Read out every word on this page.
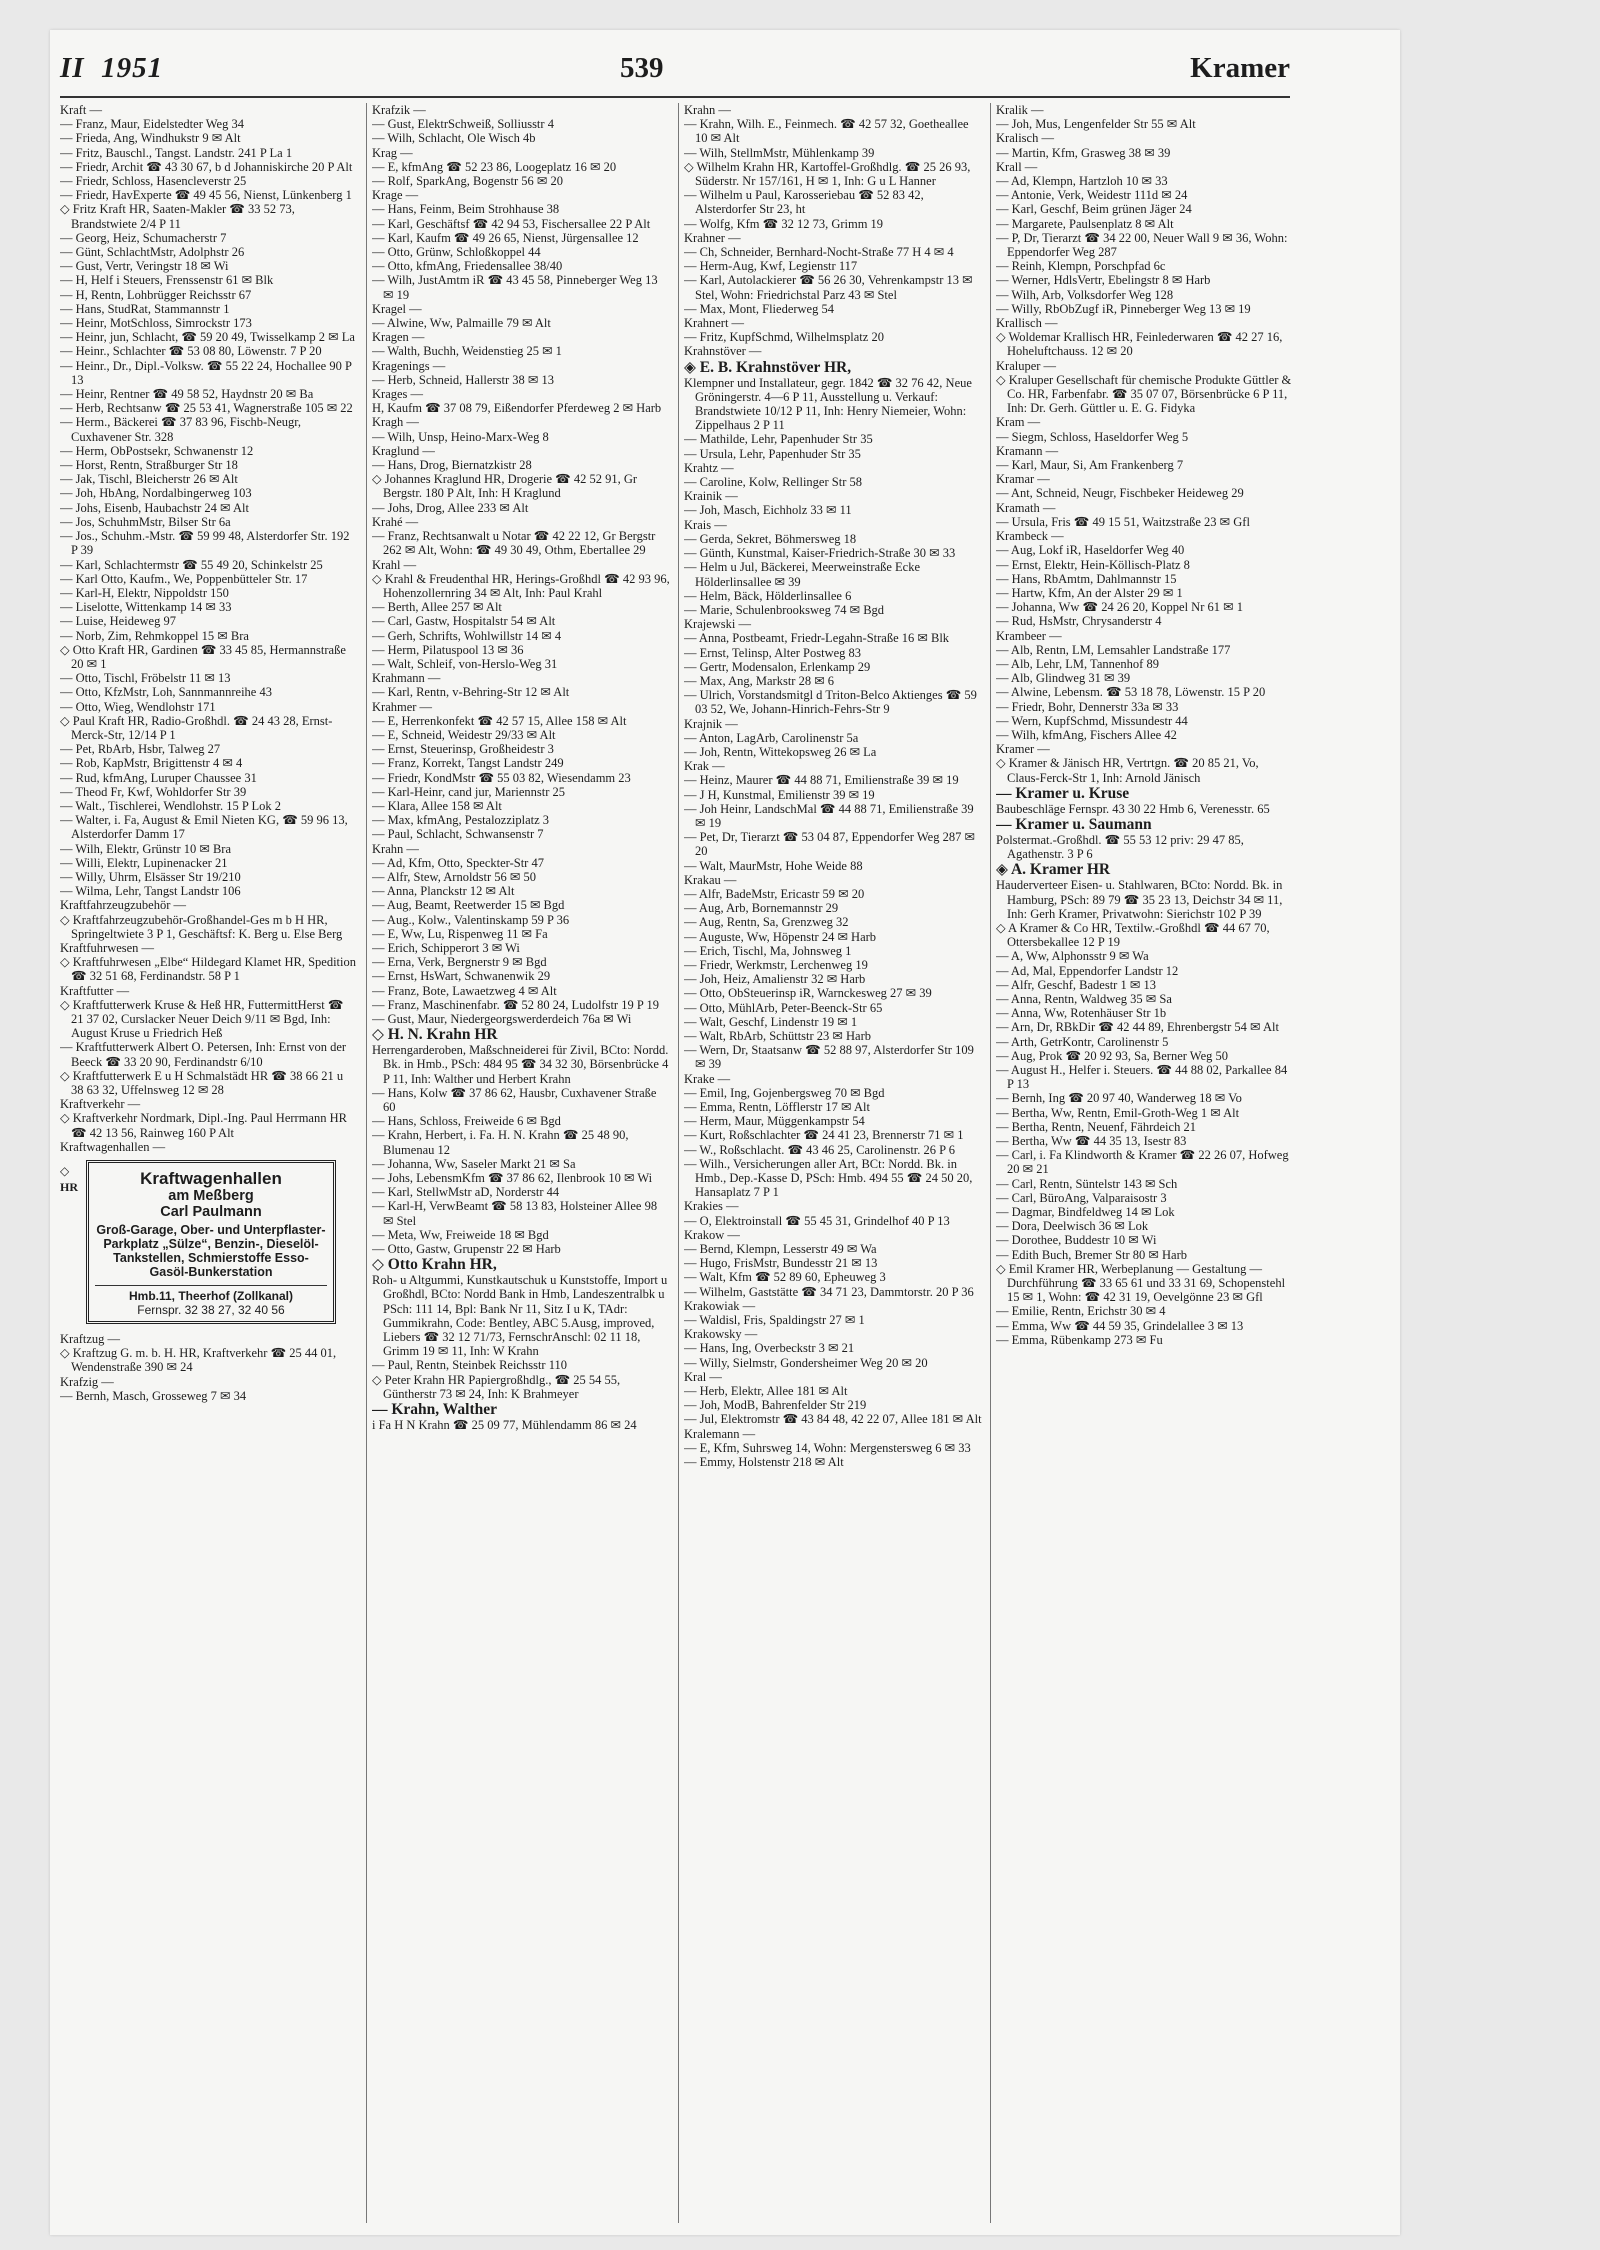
II 1951	539	Kramer

Kraft —

— Franz, Maur, Eidelstedter Weg 34

— Frieda, Ang, Windhukstr 9 ✉ Alt

— Fritz, Bauschl., Tangst. Landstr. 241 P La 1

— Friedr, Archit ☎ 43 30 67, b d Johanniskirche 20 P Alt

— Friedr, Schloss, Hasencleverstr 25

— Friedr, HavExperte ☎ 49 45 56, Nienst, Lünkenberg 1

◇ Fritz Kraft HR, Saaten-Makler ☎ 33 52 73, Brandstwiete 2/4 P 11

— Georg, Heiz, Schumacherstr 7

— Günt, SchlachtMstr, Adolphstr 26

— Gust, Vertr, Veringstr 18 ✉ Wi

— H, Helf i Steuers, Frenssenstr 61 ✉ Blk

— H, Rentn, Lohbrügger Reichsstr 67

— Hans, StudRat, Stammannstr 1

— Heinr, MotSchloss, Simrockstr 173

— Heinr, jun, Schlacht, ☎ 59 20 49, Twisselkamp 2 ✉ La

— Heinr., Schlachter ☎ 53 08 80, Löwenstr. 7 P 20

— Heinr., Dr., Dipl.-Volksw. ☎ 55 22 24, Hochallee 90 P 13

— Heinr, Rentner ☎ 49 58 52, Haydnstr 20 ✉ Ba

— Herb, Rechtsanw ☎ 25 53 41, Wagnerstraße 105 ✉ 22

— Herm., Bäckerei ☎ 37 83 96, Fischb-Neugr, Cuxhavener Str. 328

— Herm, ObPostsekr, Schwanenstr 12

— Horst, Rentn, Straßburger Str 18

— Jak, Tischl, Bleicherstr 26 ✉ Alt

— Joh, HbAng, Nordalbingerweg 103

— Johs, Eisenb, Haubachstr 24 ✉ Alt

— Jos, SchuhmMstr, Bilser Str 6a

— Jos., Schuhm.-Mstr. ☎ 59 99 48, Alsterdorfer Str. 192 P 39

— Karl, Schlachtermstr ☎ 55 49 20, Schinkelstr 25

— Karl Otto, Kaufm., We, Poppenbütteler Str. 17

— Karl-H, Elektr, Nippoldstr 150

— Liselotte, Wittenkamp 14 ✉ 33

— Luise, Heideweg 97

— Norb, Zim, Rehmkoppel 15 ✉ Bra

◇ Otto Kraft HR, Gardinen ☎ 33 45 85, Hermannstraße 20 ✉ 1

— Otto, Tischl, Fröbelstr 11 ✉ 13

— Otto, KfzMstr, Loh, Sannmannreihe 43

— Otto, Wieg, Wendlohstr 171

◇ Paul Kraft HR, Radio-Großhdl. ☎ 24 43 28, Ernst-Merck-Str, 12/14 P 1

— Pet, RbArb, Hsbr, Talweg 27

— Rob, KapMstr, Brigittenstr 4 ✉ 4

— Rud, kfmAng, Luruper Chaussee 31

— Theod Fr, Kwf, Wohldorfer Str 39

— Walt., Tischlerei, Wendlohstr. 15 P Lok 2

— Walter, i. Fa, August & Emil Nieten KG, ☎ 59 96 13, Alsterdorfer Damm 17

— Wilh, Elektr, Grünstr 10 ✉ Bra

— Willi, Elektr, Lupinenacker 21

— Willy, Uhrm, Elsässer Str 19/210

— Wilma, Lehr, Tangst Landstr 106

Kraftfahrzeugzubehör —

◇ Kraftfahrzeugzubehör-Großhandel-Ges m b H HR, Springeltwiete 3 P 1, Geschäftsf: K. Berg u. Else Berg

Kraftfuhrwesen —

◇ Kraftfuhrwesen „Elbe“ Hildegard Klamet HR, Spedition ☎ 32 51 68, Ferdinandstr. 58 P 1

Kraftfutter —

◇ Kraftfutterwerk Kruse & Heß HR, FuttermittHerst ☎ 21 37 02, Curslacker Neuer Deich 9/11 ✉ Bgd, Inh: August Kruse u Friedrich Heß

— Kraftfutterwerk Albert O. Petersen, Inh: Ernst von der Beeck ☎ 33 20 90, Ferdinandstr 6/10

◇ Kraftfutterwerk E u H Schmalstädt HR ☎ 38 66 21 u 38 63 32, Uffelnsweg 12 ✉ 28

Kraftverkehr —

◇ Kraftverkehr Nordmark, Dipl.-Ing. Paul Herrmann HR ☎ 42 13 56, Rainweg 160 P Alt

Kraftwagenhallen —

◇
HR	Kraftwagenhallen
am Meßberg
Carl Paulmann
Groß-Garage, Ober- und Unterpflaster-Parkplatz „Sülze“, Benzin-, Dieselöl-Tankstellen, Schmierstoffe Esso-Gasöl-Bunkerstation
Hmb.11, Theerhof (Zollkanal)
Fernspr. 32 38 27, 32 40 56

Kraftzug —

◇ Kraftzug G. m. b. H. HR, Kraftverkehr ☎ 25 44 01, Wendenstraße 390 ✉ 24

Krafzig —

— Bernh, Masch, Grosseweg 7 ✉ 34

Krafzik —

— Gust, ElektrSchweiß, Solliusstr 4

— Wilh, Schlacht, Ole Wisch 4b

Krag —

— E, kfmAng ☎ 52 23 86, Loogeplatz 16 ✉ 20

— Rolf, SparkAng, Bogenstr 56 ✉ 20

Krage —

— Hans, Feinm, Beim Strohhause 38

— Karl, Geschäftsf ☎ 42 94 53, Fischersallee 22 P Alt

— Karl, Kaufm ☎ 49 26 65, Nienst, Jürgensallee 12

— Otto, Grünw, Schloßkoppel 44

— Otto, kfmAng, Friedensallee 38/40

— Wilh, JustAmtm iR ☎ 43 45 58, Pinneberger Weg 13 ✉ 19

Kragel —

— Alwine, Ww, Palmaille 79 ✉ Alt

Kragen —

— Walth, Buchh, Weidenstieg 25 ✉ 1

Kragenings —

— Herb, Schneid, Hallerstr 38 ✉ 13

Krages —

H, Kaufm ☎ 37 08 79, Eißendorfer Pferdeweg 2 ✉ Harb

Kragh —

— Wilh, Unsp, Heino-Marx-Weg 8

Kraglund —

— Hans, Drog, Biernatzkistr 28

◇ Johannes Kraglund HR, Drogerie ☎ 42 52 91, Gr Bergstr. 180 P Alt, Inh: H Kraglund

— Johs, Drog, Allee 233 ✉ Alt

Krahé —

— Franz, Rechtsanwalt u Notar ☎ 42 22 12, Gr Bergstr 262 ✉ Alt, Wohn: ☎ 49 30 49, Othm, Ebertallee 29

Krahl —

◇ Krahl & Freudenthal HR, Herings-Großhdl ☎ 42 93 96, Hohenzollernring 34 ✉ Alt, Inh: Paul Krahl

— Berth, Allee 257 ✉ Alt

— Carl, Gastw, Hospitalstr 54 ✉ Alt

— Gerh, Schrifts, Wohlwillstr 14 ✉ 4

— Herm, Pilatuspool 13 ✉ 36

— Walt, Schleif, von-Herslo-Weg 31

Krahmann —

— Karl, Rentn, v-Behring-Str 12 ✉ Alt

Krahmer —

— E, Herrenkonfekt ☎ 42 57 15, Allee 158 ✉ Alt

— E, Schneid, Weidestr 29/33 ✉ Alt

— Ernst, Steuerinsp, Großheidestr 3

— Franz, Korrekt, Tangst Landstr 249

— Friedr, KondMstr ☎ 55 03 82, Wiesendamm 23

— Karl-Heinr, cand jur, Mariennstr 25

— Klara, Allee 158 ✉ Alt

— Max, kfmAng, Pestalozziplatz 3

— Paul, Schlacht, Schwansenstr 7

Krahn —

— Ad, Kfm, Otto, Speckter-Str 47

— Alfr, Stew, Arnoldstr 56 ✉ 50

— Anna, Planckstr 12 ✉ Alt

— Aug, Beamt, Reetwerder 15 ✉ Bgd

— Aug., Kolw., Valentinskamp 59 P 36

— E, Ww, Lu, Rispenweg 11 ✉ Fa

— Erich, Schipperort 3 ✉ Wi

— Erna, Verk, Bergnerstr 9 ✉ Bgd

— Ernst, HsWart, Schwanenwik 29

— Franz, Bote, Lawaetzweg 4 ✉ Alt

— Franz, Maschinenfabr. ☎ 52 80 24, Ludolfstr 19 P 19

— Gust, Maur, Niedergeorgswerderdeich 76a ✉ Wi

◇ H. N. Krahn HR

Herrengarderoben, Maßschneiderei für Zivil, BCto: Nordd. Bk. in Hmb., PSch: 484 95 ☎ 34 32 30, Börsenbrücke 4 P 11, Inh: Walther und Herbert Krahn

— Hans, Kolw ☎ 37 86 62, Hausbr, Cuxhavener Straße 60

— Hans, Schloss, Freiweide 6 ✉ Bgd

— Krahn, Herbert, i. Fa. H. N. Krahn ☎ 25 48 90, Blumenau 12

— Johanna, Ww, Saseler Markt 21 ✉ Sa

— Johs, LebensmKfm ☎ 37 86 62, Ilenbrook 10 ✉ Wi

— Karl, StellwMstr aD, Norderstr 44

— Karl-H, VerwBeamt ☎ 58 13 83, Holsteiner Allee 98 ✉ Stel

— Meta, Ww, Freiweide 18 ✉ Bgd

— Otto, Gastw, Grupenstr 22 ✉ Harb

◇ Otto Krahn HR,

Roh- u Altgummi, Kunstkautschuk u Kunststoffe, Import u Großhdl, BCto: Nordd Bank in Hmb, Landeszentralbk u PSch: 111 14, Bpl: Bank Nr 11, Sitz I u K, TAdr: Gummikrahn, Code: Bentley, ABC 5.Ausg, improved, Liebers ☎ 32 12 71/73, FernschrAnschl: 02 11 18, Grimm 19 ✉ 11, Inh: W Krahn

— Paul, Rentn, Steinbek Reichsstr 110

◇ Peter Krahn HR Papiergroßhdlg., ☎ 25 54 55, Güntherstr 73 ✉ 24, Inh: K Brahmeyer

— Krahn, Walther

i Fa H N Krahn ☎ 25 09 77, Mühlendamm 86 ✉ 24

Krahn —

— Krahn, Wilh. E., Feinmech. ☎ 42 57 32, Goetheallee 10 ✉ Alt

— Wilh, StellmMstr, Mühlenkamp 39

◇ Wilhelm Krahn HR, Kartoffel-Großhdlg. ☎ 25 26 93, Süderstr. Nr 157/161, H ✉ 1, Inh: G u L Hanner

— Wilhelm u Paul, Karosseriebau ☎ 52 83 42, Alsterdorfer Str 23, ht

— Wolfg, Kfm ☎ 32 12 73, Grimm 19

Krahner —

— Ch, Schneider, Bernhard-Nocht-Straße 77 H 4 ✉ 4

— Herm-Aug, Kwf, Legienstr 117

— Karl, Autolackierer ☎ 56 26 30, Vehrenkampstr 13 ✉ Stel, Wohn: Friedrichstal Parz 43 ✉ Stel

— Max, Mont, Fliederweg 54

Krahnert —

— Fritz, KupfSchmd, Wilhelmsplatz 20

Krahnstöver —

◈ E. B. Krahnstöver HR,

Klempner und Installateur, gegr. 1842 ☎ 32 76 42, Neue Gröningerstr. 4—6 P 11, Ausstellung u. Verkauf: Brandstwiete 10/12 P 11, Inh: Henry Niemeier, Wohn: Zippelhaus 2 P 11

— Mathilde, Lehr, Papenhuder Str 35

— Ursula, Lehr, Papenhuder Str 35

Krahtz —

— Caroline, Kolw, Rellinger Str 58

Krainik —

— Joh, Masch, Eichholz 33 ✉ 11

Krais —

— Gerda, Sekret, Böhmersweg 18

— Günth, Kunstmal, Kaiser-Friedrich-Straße 30 ✉ 33

— Helm u Jul, Bäckerei, Meerweinstraße Ecke Hölderlinsallee ✉ 39

— Helm, Bäck, Hölderlinsallee 6

— Marie, Schulenbrooksweg 74 ✉ Bgd

Krajewski —

— Anna, Postbeamt, Friedr-Legahn-Straße 16 ✉ Blk

— Ernst, Telinsp, Alter Postweg 83

— Gertr, Modensalon, Erlenkamp 29

— Max, Ang, Markstr 28 ✉ 6

— Ulrich, Vorstandsmitgl d Triton-Belco Aktienges ☎ 59 03 52, We, Johann-Hinrich-Fehrs-Str 9

Krajnik —

— Anton, LagArb, Carolinenstr 5a

— Joh, Rentn, Wittekopsweg 26 ✉ La

Krak —

— Heinz, Maurer ☎ 44 88 71, Emilienstraße 39 ✉ 19

— J H, Kunstmal, Emilienstr 39 ✉ 19

— Joh Heinr, LandschMal ☎ 44 88 71, Emilienstraße 39 ✉ 19

— Pet, Dr, Tierarzt ☎ 53 04 87, Eppendorfer Weg 287 ✉ 20

— Walt, MaurMstr, Hohe Weide 88

Krakau —

— Alfr, BadeMstr, Ericastr 59 ✉ 20

— Aug, Arb, Bornemannstr 29

— Aug, Rentn, Sa, Grenzweg 32

— Auguste, Ww, Höpenstr 24 ✉ Harb

— Erich, Tischl, Ma, Johnsweg 1

— Friedr, Werkmstr, Lerchenweg 19

— Joh, Heiz, Amalienstr 32 ✉ Harb

— Otto, ObSteuerinsp iR, Warnckesweg 27 ✉ 39

— Otto, MühlArb, Peter-Beenck-Str 65

— Walt, Geschf, Lindenstr 19 ✉ 1

— Walt, RbArb, Schüttstr 23 ✉ Harb

— Wern, Dr, Staatsanw ☎ 52 88 97, Alsterdorfer Str 109 ✉ 39

Krake —

— Emil, Ing, Gojenbergsweg 70 ✉ Bgd

— Emma, Rentn, Löfflerstr 17 ✉ Alt

— Herm, Maur, Müggenkampstr 54

— Kurt, Roßschlachter ☎ 24 41 23, Brennerstr 71 ✉ 1

— W., Roßschlacht. ☎ 43 46 25, Carolinenstr. 26 P 6

— Wilh., Versicherungen aller Art, BCt: Nordd. Bk. in Hmb., Dep.-Kasse D, PSch: Hmb. 494 55 ☎ 24 50 20, Hansaplatz 7 P 1

Krakies —

— O, Elektroinstall ☎ 55 45 31, Grindelhof 40 P 13

Krakow —

— Bernd, Klempn, Lesserstr 49 ✉ Wa

— Hugo, FrisMstr, Bundesstr 21 ✉ 13

— Walt, Kfm ☎ 52 89 60, Epheuweg 3

— Wilhelm, Gaststätte ☎ 34 71 23, Dammtorstr. 20 P 36

Krakowiak —

— Waldisl, Fris, Spaldingstr 27 ✉ 1

Krakowsky —

— Hans, Ing, Overbeckstr 3 ✉ 21

— Willy, Sielmstr, Gondersheimer Weg 20 ✉ 20

Kral —

— Herb, Elektr, Allee 181 ✉ Alt

— Joh, ModB, Bahrenfelder Str 219

— Jul, Elektromstr ☎ 43 84 48, 42 22 07, Allee 181 ✉ Alt

Kralemann —

— E, Kfm, Suhrsweg 14, Wohn: Mergenstersweg 6 ✉ 33

— Emmy, Holstenstr 218 ✉ Alt

Kralik —

— Joh, Mus, Lengenfelder Str 55 ✉ Alt

Kralisch —

— Martin, Kfm, Grasweg 38 ✉ 39

Krall —

— Ad, Klempn, Hartzloh 10 ✉ 33

— Antonie, Verk, Weidestr 111d ✉ 24

— Karl, Geschf, Beim grünen Jäger 24

— Margarete, Paulsenplatz 8 ✉ Alt

— P, Dr, Tierarzt ☎ 34 22 00, Neuer Wall 9 ✉ 36, Wohn: Eppendorfer Weg 287

— Reinh, Klempn, Porschpfad 6c

— Werner, HdlsVertr, Ebelingstr 8 ✉ Harb

— Wilh, Arb, Volksdorfer Weg 128

— Willy, RbObZugf iR, Pinneberger Weg 13 ✉ 19

Krallisch —

◇ Woldemar Krallisch HR, Feinlederwaren ☎ 42 27 16, Hoheluftchauss. 12 ✉ 20

Kraluper —

◇ Kraluper Gesellschaft für chemische Produkte Güttler & Co. HR, Farbenfabr. ☎ 35 07 07, Börsenbrücke 6 P 11, Inh: Dr. Gerh. Güttler u. E. G. Fidyka

Kram —

— Siegm, Schloss, Haseldorfer Weg 5

Kramann —

— Karl, Maur, Si, Am Frankenberg 7

Kramar —

— Ant, Schneid, Neugr, Fischbeker Heideweg 29

Kramath —

— Ursula, Fris ☎ 49 15 51, Waitzstraße 23 ✉ Gfl

Krambeck —

— Aug, Lokf iR, Haseldorfer Weg 40

— Ernst, Elektr, Hein-Köllisch-Platz 8

— Hans, RbAmtm, Dahlmannstr 15

— Hartw, Kfm, An der Alster 29 ✉ 1

— Johanna, Ww ☎ 24 26 20, Koppel Nr 61 ✉ 1

— Rud, HsMstr, Chrysanderstr 4

Krambeer —

— Alb, Rentn, LM, Lemsahler Landstraße 177

— Alb, Lehr, LM, Tannenhof 89

— Alb, Glindweg 31 ✉ 39

— Alwine, Lebensm. ☎ 53 18 78, Löwenstr. 15 P 20

— Friedr, Bohr, Dennerstr 33a ✉ 33

— Wern, KupfSchmd, Missundestr 44

— Wilh, kfmAng, Fischers Allee 42

Kramer —

◇ Kramer & Jänisch HR, Vertrtgn. ☎ 20 85 21, Vo, Claus-Ferck-Str 1, Inh: Arnold Jänisch

— Kramer u. Kruse

Baubeschläge Fernspr. 43 30 22 Hmb 6, Verenesstr. 65

— Kramer u. Saumann

Polstermat.-Großhdl. ☎ 55 53 12 priv: 29 47 85, Agathenstr. 3 P 6

◈ A. Kramer HR

Hauderverteer Eisen- u. Stahlwaren, BCto: Nordd. Bk. in Hamburg, PSch: 89 79 ☎ 35 23 13, Deichstr 34 ✉ 11, Inh: Gerh Kramer, Privatwohn: Sierichstr 102 P 39

◇ A Kramer & Co HR, Textilw.-Großhdl ☎ 44 67 70, Ottersbekallee 12 P 19

— A, Ww, Alphonsstr 9 ✉ Wa

— Ad, Mal, Eppendorfer Landstr 12

— Alfr, Geschf, Badestr 1 ✉ 13

— Anna, Rentn, Waldweg 35 ✉ Sa

— Anna, Ww, Rotenhäuser Str 1b

— Arn, Dr, RBkDir ☎ 42 44 89, Ehrenbergstr 54 ✉ Alt

— Arth, GetrKontr, Carolinenstr 5

— Aug, Prok ☎ 20 92 93, Sa, Berner Weg 50

— August H., Helfer i. Steuers. ☎ 44 88 02, Parkallee 84 P 13

— Bernh, Ing ☎ 20 97 40, Wanderweg 18 ✉ Vo

— Bertha, Ww, Rentn, Emil-Groth-Weg 1 ✉ Alt

— Bertha, Rentn, Neuenf, Fährdeich 21

— Bertha, Ww ☎ 44 35 13, Isestr 83

— Carl, i. Fa Klindworth & Kramer ☎ 22 26 07, Hofweg 20 ✉ 21

— Carl, Rentn, Süntelstr 143 ✉ Sch

— Carl, BüroAng, Valparaisostr 3

— Dagmar, Bindfeldweg 14 ✉ Lok

— Dora, Deelwisch 36 ✉ Lok

— Dorothee, Buddestr 10 ✉ Wi

— Edith Buch, Bremer Str 80 ✉ Harb

◇ Emil Kramer HR, Werbeplanung — Gestaltung — Durchführung ☎ 33 65 61 und 33 31 69, Schopenstehl 15 ✉ 1, Wohn: ☎ 42 31 19, Oevelgönne 23 ✉ Gfl

— Emilie, Rentn, Erichstr 30 ✉ 4

— Emma, Ww ☎ 44 59 35, Grindelallee 3 ✉ 13

— Emma, Rübenkamp 273 ✉ Fu
